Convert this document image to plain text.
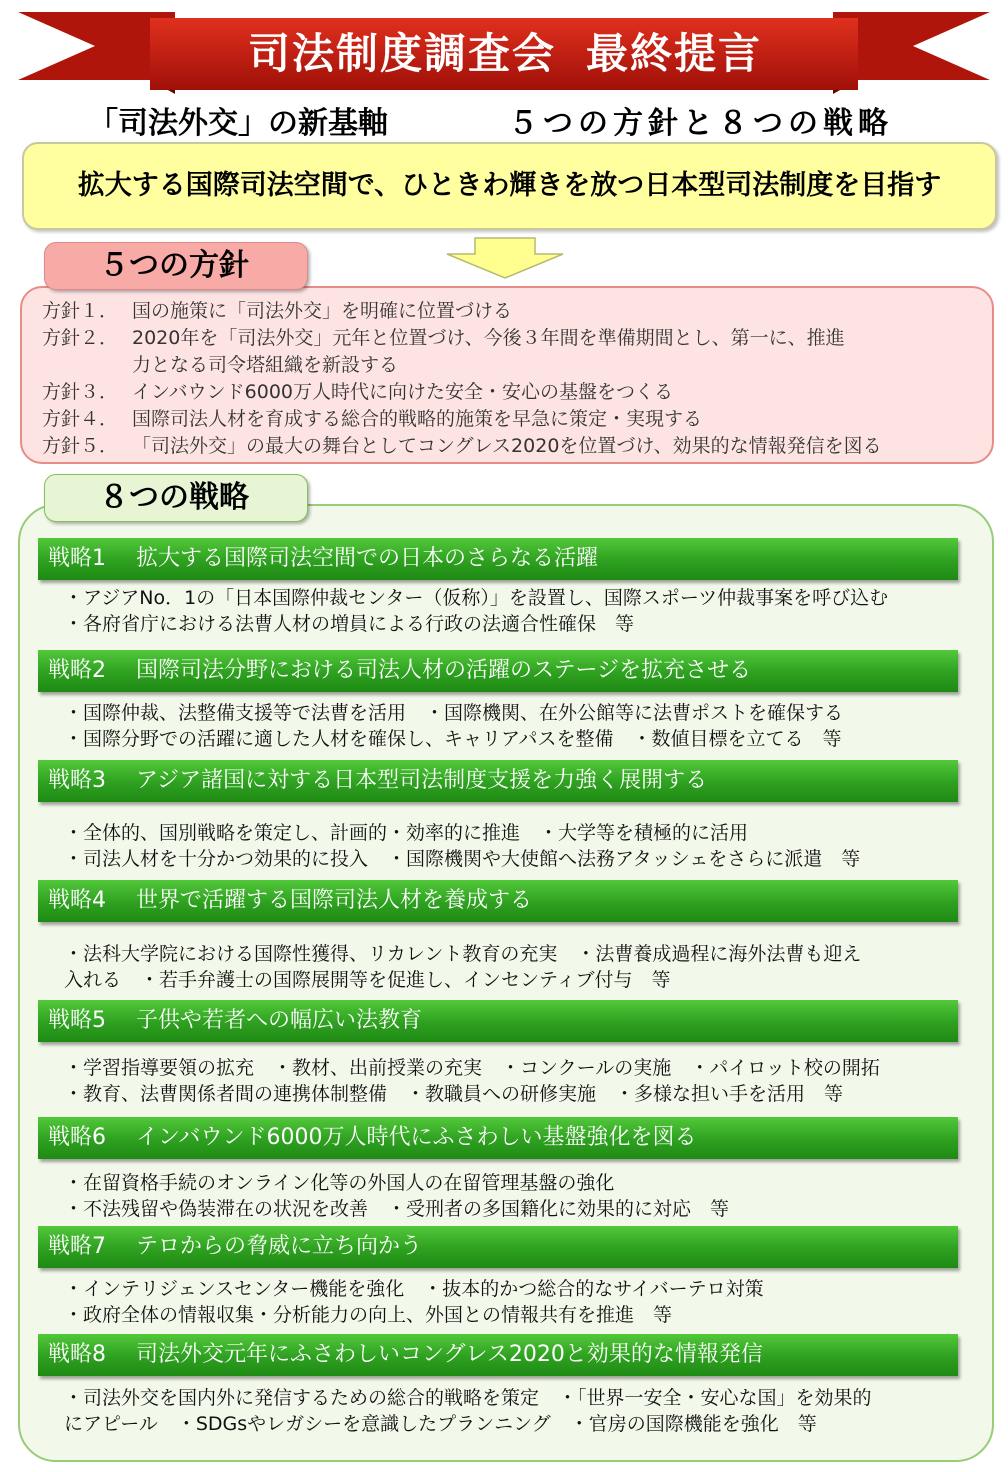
司法制度調査会 最終提言
「司法外交」の新基軸	５つの方針と８つの戦略
拡大する国際司法空間で、ひときわ輝きを放つ日本型司法制度を目指す
５つの方針
方針１． 国の施策に「司法外交」を明確に位置づける
方針２． 2020年を「司法外交」元年と位置づけ、今後３年間を準備期間とし、第一に、推進
力となる司令塔組織を新設する
方針３． インバウンド6000万人時代に向けた安全・安心の基盤をつくる
方針４． 国際司法人材を育成する総合的戦略的施策を早急に策定・実現する
方針５． 「司法外交」の最大の舞台としてコングレス2020を位置づけ、効果的な情報発信を図る
８つの戦略
戦略1 拡大する国際司法空間での日本のさらなる活躍
・アジアNo．1の「日本国際仲裁センター（仮称）」を設置し、国際スポーツ仲裁事案を呼び込む
・各府省庁における法曹人材の増員による行政の法適合性確保　等
戦略2 国際司法分野における司法人材の活躍のステージを拡充させる
・国際仲裁、法整備支援等で法曹を活用　・国際機関、在外公館等に法曹ポストを確保する
・国際分野での活躍に適した人材を確保し、キャリアパスを整備　・数値目標を立てる　等
戦略3 アジア諸国に対する日本型司法制度支援を力強く展開する
・全体的、国別戦略を策定し、計画的・効率的に推進　・大学等を積極的に活用
・司法人材を十分かつ効果的に投入　・国際機関や大使館へ法務アタッシェをさらに派遣　等
戦略4 世界で活躍する国際司法人材を養成する
・法科大学院における国際性獲得、リカレント教育の充実　・法曹養成過程に海外法曹も迎え
入れる　・若手弁護士の国際展開等を促進し、インセンティブ付与　等
戦略5 子供や若者への幅広い法教育
・学習指導要領の拡充　・教材、出前授業の充実　・コンクールの実施　・パイロット校の開拓
・教育、法曹関係者間の連携体制整備　・教職員への研修実施　・多様な担い手を活用　等
戦略6 インバウンド6000万人時代にふさわしい基盤強化を図る
・在留資格手続のオンライン化等の外国人の在留管理基盤の強化
・不法残留や偽装滞在の状況を改善　・受刑者の多国籍化に効果的に対応　等
戦略7 テロからの脅威に立ち向かう
・インテリジェンスセンター機能を強化　・抜本的かつ総合的なサイバーテロ対策
・政府全体の情報収集・分析能力の向上、外国との情報共有を推進　等
戦略8 司法外交元年にふさわしいコングレス2020と効果的な情報発信
・司法外交を国内外に発信するための総合的戦略を策定　・「世界一安全・安心な国」を効果的
にアピール　・SDGsやレガシーを意識したプランニング　・官房の国際機能を強化　等
